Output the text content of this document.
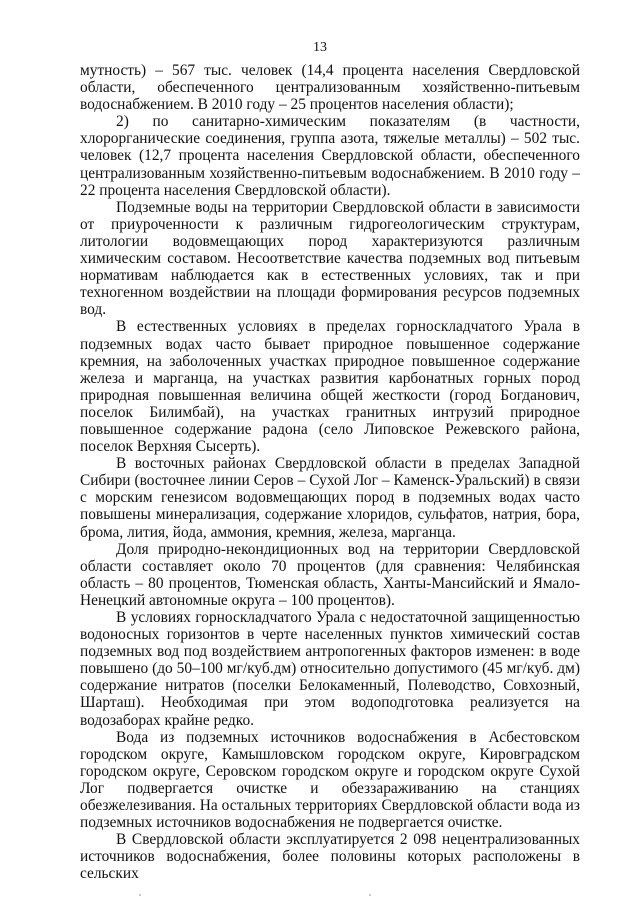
13

мутность) – 567 тыс. человек (14,4 процента населения Свердловской области, обеспеченного централизованным хозяйственно-питьевым водоснабжением. В 2010 году – 25 процентов населения области);

2) по санитарно-химическим показателям (в частности, хлорорганические соединения, группа азота, тяжелые металлы) – 502 тыс. человек (12,7 процента населения Свердловской области, обеспеченного централизованным хозяйственно-питьевым водоснабжением. В 2010 году – 22 процента населения Свердловской области).

Подземные воды на территории Свердловской области в зависимости от приуроченности к различным гидрогеологическим структурам, литологии водовмещающих пород характеризуются различным химическим составом. Несоответствие качества подземных вод питьевым нормативам наблюдается как в естественных условиях, так и при техногенном воздействии на площади формирования ресурсов подземных вод.

В естественных условиях в пределах горноскладчатого Урала в подземных водах часто бывает природное повышенное содержание кремния, на заболоченных участках природное повышенное содержание железа и марганца, на участках развития карбонатных горных пород природная повышенная величина общей жесткости (город Богданович, поселок Билимбай), на участках гранитных интрузий природное повышенное содержание радона (село Липовское Режевского района, поселок Верхняя Сысерть).

В восточных районах Свердловской области в пределах Западной Сибири (восточнее линии Серов – Сухой Лог – Каменск-Уральский) в связи с морским генезисом водовмещающих пород в подземных водах часто повышены минерализация, содержание хлоридов, сульфатов, натрия, бора, брома, лития, йода, аммония, кремния, железа, марганца.

Доля природно-некондиционных вод на территории Свердловской области составляет около 70 процентов (для сравнения: Челябинская область – 80 процентов, Тюменская область, Ханты-Мансийский и Ямало-Ненецкий автономные округа – 100 процентов).

В условиях горноскладчатого Урала с недостаточной защищенностью водоносных горизонтов в черте населенных пунктов химический состав подземных вод под воздействием антропогенных факторов изменен: в воде повышено (до 50–100 мг/куб.дм) относительно допустимого (45 мг/куб. дм) содержание нитратов (поселки Белокаменный, Полеводство, Совхозный, Шарташ). Необходимая при этом водоподготовка реализуется на водозаборах крайне редко.

Вода из подземных источников водоснабжения в Асбестовском городском округе, Камышловском городском округе, Кировградском городском округе, Серовском городском округе и городском округе Сухой Лог подвергается очистке и обеззараживанию на станциях обезжелезивания. На остальных территориях Свердловской области вода из подземных источников водоснабжения не подвергается очистке.

В Свердловской области эксплуатируется 2 098 нецентрализованных источников водоснабжения, более половины которых расположены в сельских
